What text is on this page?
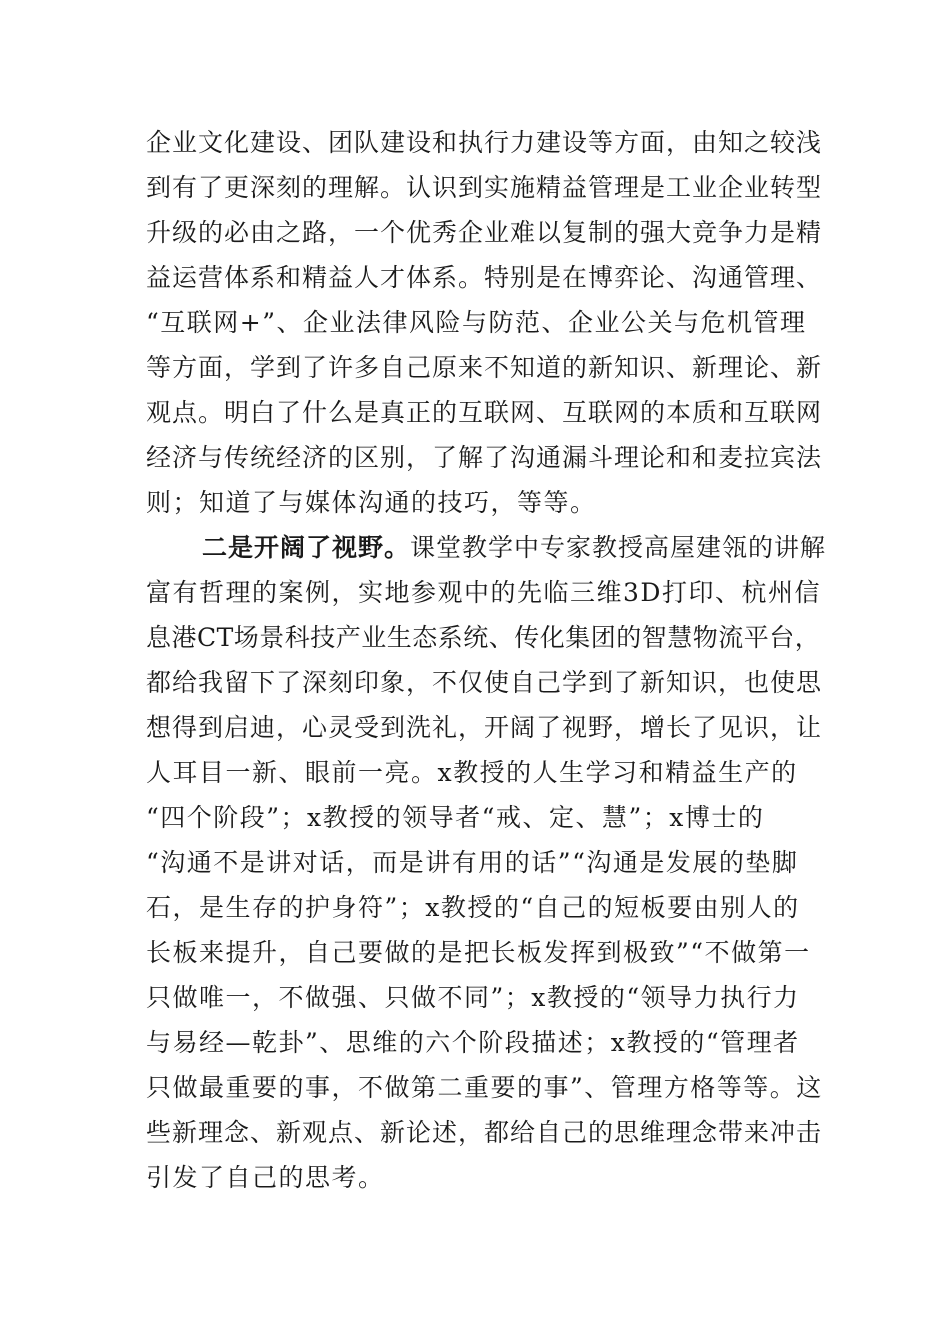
企业文化建设、团队建设和执行力建设等方面，由知之较浅
到有了更深刻的理解。认识到实施精益管理是工业企业转型
升级的必由之路，一个优秀企业难以复制的强大竞争力是精
益运营体系和精益人才体系。特别是在博弈论、沟通管理、
“互联网+”、企业法律风险与防范、企业公关与危机管理
等方面，学到了许多自己原来不知道的新知识、新理论、新
观点。明白了什么是真正的互联网、互联网的本质和互联网
经济与传统经济的区别，了解了沟通漏斗理论和和麦拉宾法
则；知道了与媒体沟通的技巧，等等。
二是开阔了视野。课堂教学中专家教授高屋建瓴的讲解
富有哲理的案例，实地参观中的先临三维3D打印、杭州信
息港CT场景科技产业生态系统、传化集团的智慧物流平台，
都给我留下了深刻印象，不仅使自己学到了新知识，也使思
想得到启迪，心灵受到洗礼，开阔了视野，增长了见识，让
人耳目一新、眼前一亮。x教授的人生学习和精益生产的
“四个阶段”；x教授的领导者“戒、定、慧”；x博士的
“沟通不是讲对话，而是讲有用的话”“沟通是发展的垫脚
石，是生存的护身符”；x教授的“自己的短板要由别人的
长板来提升，自己要做的是把长板发挥到极致”“不做第一
只做唯一，不做强、只做不同”；x教授的“领导力执行力
与易经—乾卦”、思维的六个阶段描述；x教授的“管理者
只做最重要的事，不做第二重要的事”、管理方格等等。这
些新理念、新观点、新论述，都给自己的思维理念带来冲击
引发了自己的思考。
